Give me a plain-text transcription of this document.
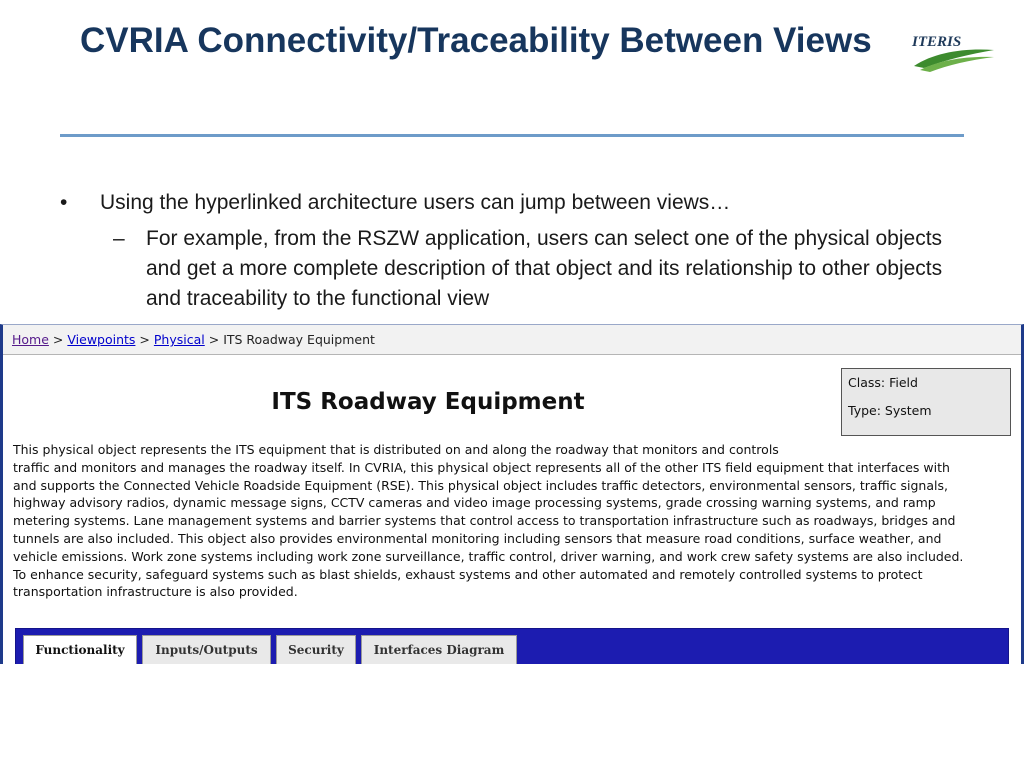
CVRIA Connectivity/Traceability Between Views	ITERIS
• Using the hyperlinked architecture users can jump between views…
– For example, from the RSZW application, users can select one of the physical objects and get a more complete description of that object and its relationship to other objects and traceability to the functional view
Home > Viewpoints > Physical > ITS Roadway Equipment
ITS Roadway Equipment
Class: Field
Type: System
This physical object represents the ITS equipment that is distributed on and along the roadway that monitors and controls
traffic and monitors and manages the roadway itself. In CVRIA, this physical object represents all of the other ITS field equipment that interfaces with
and supports the Connected Vehicle Roadside Equipment (RSE). This physical object includes traffic detectors, environmental sensors, traffic signals,
highway advisory radios, dynamic message signs, CCTV cameras and video image processing systems, grade crossing warning systems, and ramp
metering systems. Lane management systems and barrier systems that control access to transportation infrastructure such as roadways, bridges and
tunnels are also included. This object also provides environmental monitoring including sensors that measure road conditions, surface weather, and
vehicle emissions. Work zone systems including work zone surveillance, traffic control, driver warning, and work crew safety systems are also included.
To enhance security, safeguard systems such as blast shields, exhaust systems and other automated and remotely controlled systems to protect
transportation infrastructure is also provided.
Functionality	Inputs/Outputs	Security	Interfaces Diagram
